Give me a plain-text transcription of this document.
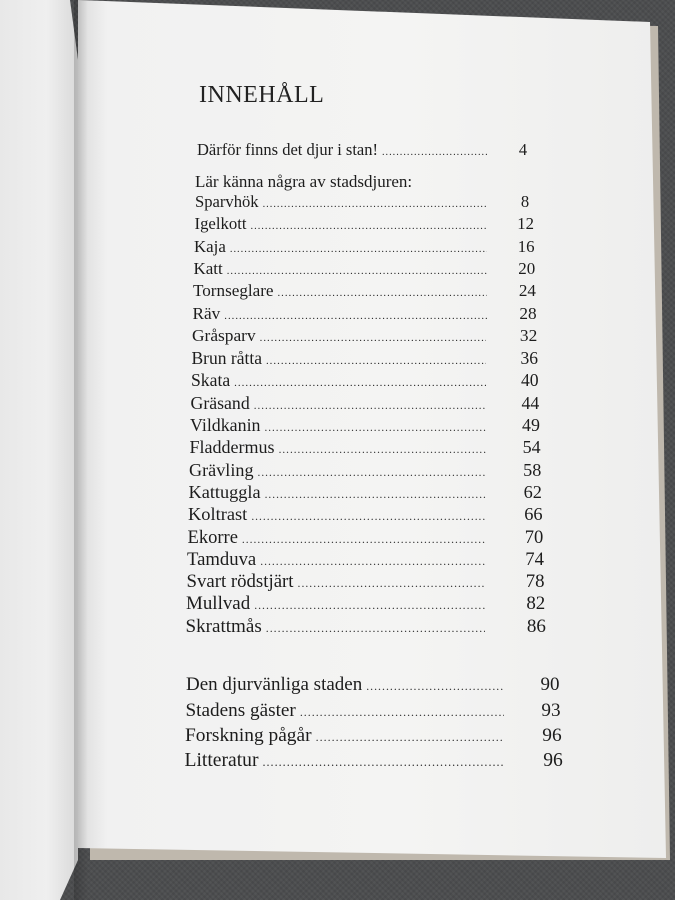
INNEHÅLL
Därför finns det djur i stan! .....	4
Lär känna några av stadsdjuren:
Sparvhök .....	8
Igelkott .....	12
Kaja .....	16
Katt .....	20
Tornseglare .....	24
Räv .....	28
Gråsparv .....	32
Brun råtta .....	36
Skata .....	40
Gräsand .....	44
Vildkanin .....	49
Fladdermus .....	54
Grävling .....	58
Kattuggla .....	62
Koltrast .....	66
Ekorre .....	70
Tamduva .....	74
Svart rödstjärt .....	78
Mullvad .....	82
Skrattmås .....	86
Den djurvänliga staden .....	90
Stadens gäster .....	93
Forskning pågår .....	96
Litteratur .....	96
